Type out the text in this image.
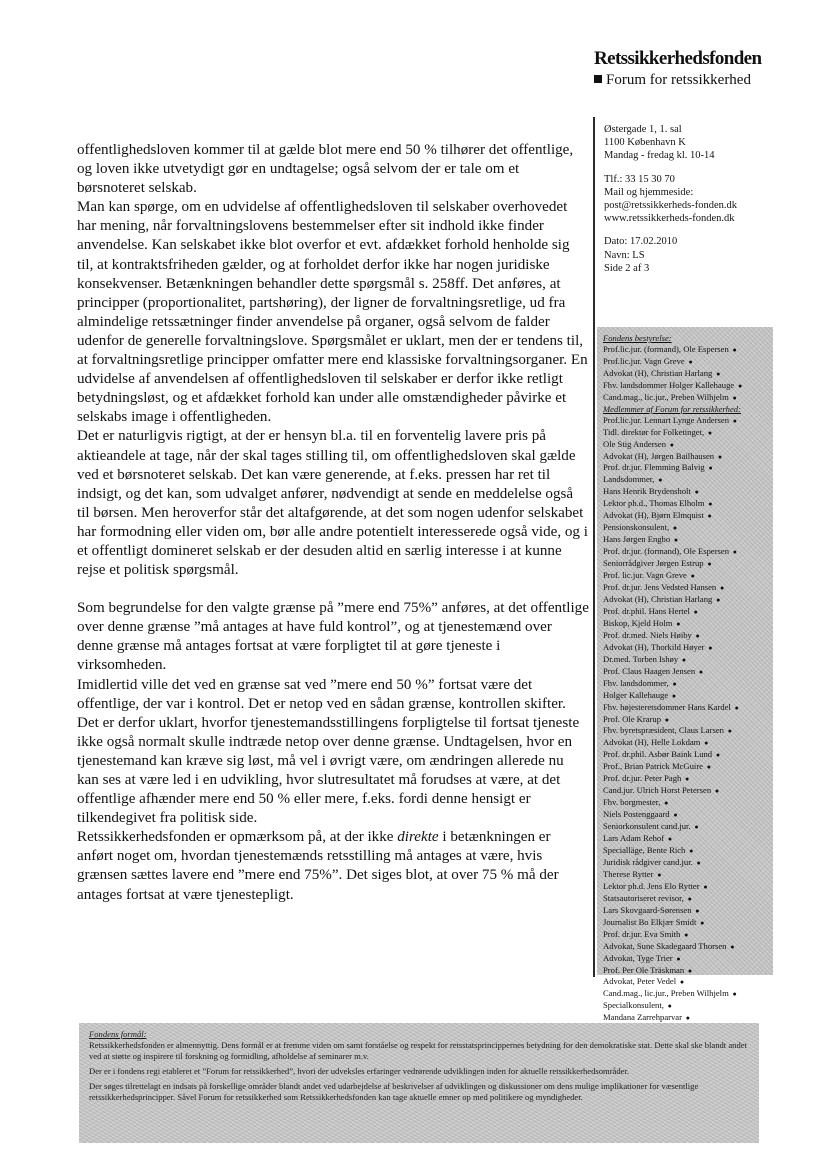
Retssikkerhedsfonden
Forum for retssikkerhed
Østergade 1, 1. sal
1100 København K
Mandag - fredag kl. 10-14
Tlf.: 33 15 30 70
Mail og hjemmeside:
post@retssikkerheds-fonden.dk
www.retssikkerheds-fonden.dk
Dato: 17.02.2010
Navn: LS
Side 2 af 3

offentlighedsloven kommer til at gælde blot mere end 50 % tilhører det offentlige, og loven ikke utvetydigt gør en undtagelse; også selvom der er tale om et børsnoteret selskab.

Man kan spørge, om en udvidelse af offentlighedsloven til selskaber overhovedet har mening, når forvaltningslovens bestemmelser efter sit indhold ikke finder anvendelse. Kan selskabet ikke blot overfor et evt. afdækket forhold henholde sig til, at kontraktsfriheden gælder, og at forholdet derfor ikke har nogen juridiske konsekvenser. Betænkningen behandler dette spørgsmål s. 258ff. Det anføres, at principper (proportionalitet, partshøring), der ligner de forvaltningsretlige, ud fra almindelige retssætninger finder anvendelse på organer, også selvom de falder udenfor de generelle forvaltningslove. Spørgsmålet er uklart, men der er tendens til, at forvaltningsretlige principper omfatter mere end klassiske forvaltningsorganer. En udvidelse af anvendelsen af offentlighedsloven til selskaber er derfor ikke retligt betydningsløst, og et afdækket forhold kan under alle omstændigheder påvirke et selskabs image i offentligheden.

Det er naturligvis rigtigt, at der er hensyn bl.a. til en forventelig lavere pris på aktieandele at tage, når der skal tages stilling til, om offentlighedsloven skal gælde ved et børsnoteret selskab. Det kan være generende, at f.eks. pressen har ret til indsigt, og det kan, som udvalget anfører, nødvendigt at sende en meddelelse også til børsen. Men heroverfor står det altafgørende, at det som nogen udenfor selskabet har formodning eller viden om, bør alle andre potentielt interesserede også vide, og i et offentligt domineret selskab er der desuden altid en særlig interesse i at kunne rejse et politisk spørgsmål.

Som begrundelse for den valgte grænse på ”mere end 75%” anføres, at det offentlige over denne grænse ”må antages at have fuld kontrol”, og at tjenestemænd over denne grænse må antages fortsat at være forpligtet til at gøre tjeneste i virksomheden.

Imidlertid ville det ved en grænse sat ved ”mere end 50 %” fortsat være det offentlige, der var i kontrol. Det er netop ved en sådan grænse, kontrollen skifter.

Det er derfor uklart, hvorfor tjenestemandsstillingens forpligtelse til fortsat tjeneste ikke også normalt skulle indtræde netop over denne grænse. Undtagelsen, hvor en tjenestemand kan kræve sig løst, må vel i øvrigt være, om ændringen allerede nu kan ses at være led i en udvikling, hvor slutresultatet må forudses at være, at det offentlige afhænder mere end 50 % eller mere, f.eks. fordi denne hensigt er tilkendegivet fra politisk side.

Retssikkerhedsfonden er opmærksom på, at der ikke direkte i betænkningen er anført noget om, hvordan tjenestemænds retsstilling må antages at være, hvis grænsen sættes lavere end ”mere end 75%”. Det siges blot, at over 75 % må der antages fortsat at være tjenestepligt.

Fondens bestyrelse:
Prof.lic.jur. (formand), Ole Espersen ●
Prof.lic.jur. Vagn Greve ●
Advokat (H), Christian Harlang ●
Fhv. landsdommer Holger Kallehauge ●
Cand.mag., lic.jur., Preben Wilhjelm ●
Medlemmer af Forum for retssikkerhed:
Prof.lic.jur. Lennart Lynge Andersen ●
Tidl. direktør for Folketinget, ●
Ole Stig Andersen ●
Advokat (H), Jørgen Bailhausen ●
Prof. dr.jur. Flemming Balvig ●
Landsdommer, ●
Hans Henrik Brydensholt ●
Lektor ph.d., Thomas Elholm ●
Advokat (H), Bjørn Elmquist ●
Pensionskonsulent, ●
Hans Jørgen Engbo ●
Prof. dr.jur. (formand), Ole Espersen ●
Seniorrådgiver Jørgen Estrup ●
Prof. lic.jur. Vagn Greve ●
Prof. dr.jur. Jens Vedsted Hansen ●
Advokat (H), Christian Harlang ●
Prof. dr.phil. Hans Hertel ●
Biskop, Kjeld Holm ●
Prof. dr.med. Niels Høiby ●
Advokat (H), Thorkild Høyer ●
Dr.med. Torben Ishøy ●
Prof. Claus Haagen Jensen ●
Fhv. landsdommer, ●
Holger Kallehauge ●
Fhv. højesteretsdommer Hans Kardel ●
Prof. Ole Krarup ●
Fhv. byretspræsident, Claus Larsen ●
Advokat (H), Helle Lokdam ●
Prof. dr.phil. Asbør Baink Lund ●
Prof., Brian Patrick McGuire ●
Prof. dr.jur. Peter Pagh ●
Cand.jur. Ulrich Horst Petersen ●
Fhv. borgmester, ●
Niels Postenggaard ●
Seniorkonsulent cand.jur. ●
Lars Adam Rehof ●
Specialläge, Bente Rich ●
Juridisk rådgiver cand.jur. ●
Therese Rytter ●
Lektor ph.d. Jens Elo Rytter ●
Statsautoriseret revisor, ●
Lars Skovgaard-Sørensen ●
Journalist Bo Elkjær Smidt ●
Prof. dr.jur. Eva Smith ●
Advokat, Sune Skadegaard Thorsen ●
Advokat, Tyge Trier ●
Prof. Per Ole Träskman ●
Advokat, Peter Vedel ●
Cand.mag., lic.jur., Preben Wilhjelm ●
Specialkonsulent, ●
Mandana Zarrehparvar ●
Fondens formål:

Retssikkerhedsfonden er almennyttig. Dens formål er at fremme viden om samt forståelse og respekt for retsstatsprincippernes betydning for den demokratiske stat. Dette skal ske blandt andet ved at støtte og inspirere til forskning og formidling, afholdelse af seminarer m.v.

Der er i fondens regi etableret et ”Forum for retssikkerhed”, hvori der udveksles erfaringer vedrørende udviklingen inden for aktuelle retssikkerhedsområder.

Der søges tilrettelagt en indsats på forskellige områder blandt andet ved udarbejdelse af beskrivelser af udviklingen og diskussioner om dens mulige implikationer for væsentlige retssikkerhedsprincipper. Såvel Forum for retssikkerhed som Retssikkerhedsfonden kan tage aktuelle emner op med politikere og myndigheder.
